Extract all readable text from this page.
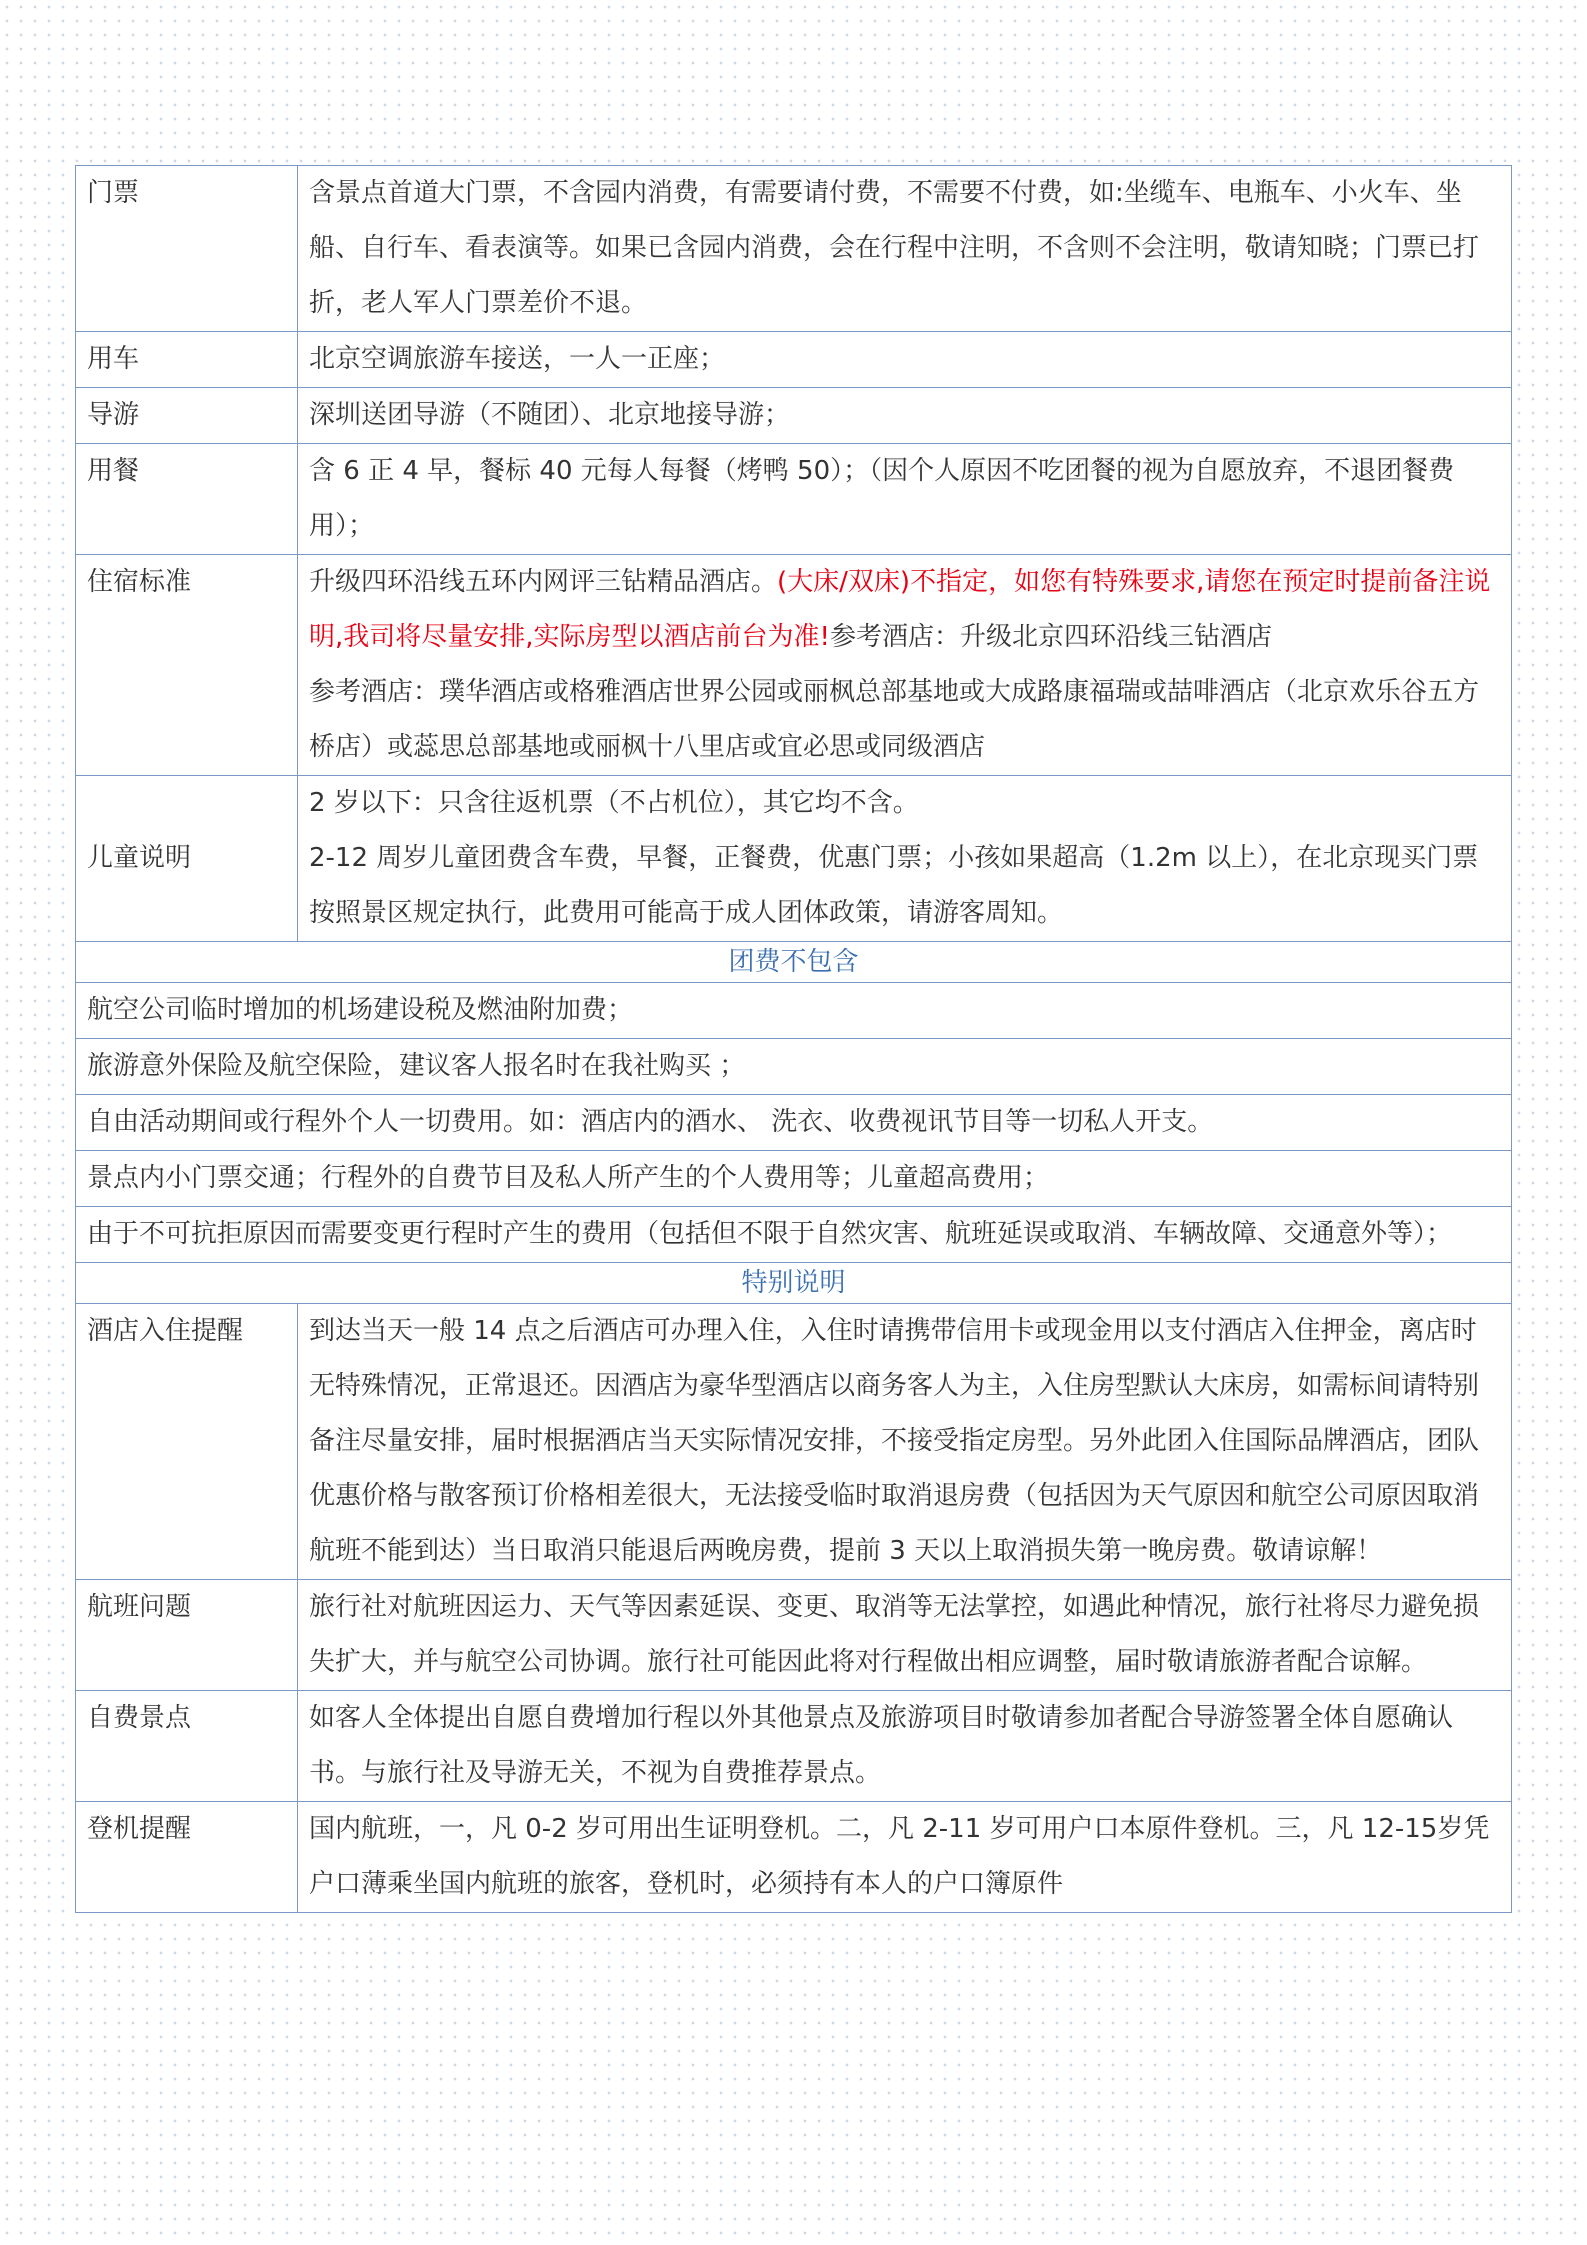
门票	含景点首道大门票，不含园内消费，有需要请付费，不需要不付费，如:坐缆车、电瓶车、小火车、坐船、自行车、看表演等。如果已含园内消费，会在行程中注明，不含则不会注明，敬请知晓；门票已打折，老人军人门票差价不退。
用车	北京空调旅游车接送，一人一正座；
导游	深圳送团导游（不随团）、北京地接导游；
用餐	含 6 正 4 早，餐标 40 元每人每餐（烤鸭 50）；（因个人原因不吃团餐的视为自愿放弃，不退团餐费用）；
住宿标准	升级四环沿线五环内网评三钻精品酒店。(大床/双床)不指定，如您有特殊要求,请您在预定时提前备注说明,我司将尽量安排,实际房型以酒店前台为准!参考酒店：升级北京四环沿线三钻酒店
参考酒店：璞华酒店或格雅酒店世界公园或丽枫总部基地或大成路康福瑞或喆啡酒店（北京欢乐谷五方桥店）或蕊思总部基地或丽枫十八里店或宜必思或同级酒店
儿童说明	2 岁以下：只含往返机票（不占机位），其它均不含。
2-12 周岁儿童团费含车费，早餐，正餐费，优惠门票；小孩如果超高（1.2m 以上），在北京现买门票按照景区规定执行，此费用可能高于成人团体政策，请游客周知。

团费不包含	
航空公司临时增加的机场建设税及燃油附加费；	
旅游意外保险及航空保险，建议客人报名时在我社购买 ；	
自由活动期间或行程外个人一切费用。如：酒店内的酒水、 洗衣、收费视讯节目等一切私人开支。	
景点内小门票交通；行程外的自费节目及私人所产生的个人费用等；儿童超高费用；	
由于不可抗拒原因而需要变更行程时产生的费用（包括但不限于自然灾害、航班延误或取消、车辆故障、交通意外等）；	
特别说明	
酒店入住提醒	到达当天一般 14 点之后酒店可办理入住，入住时请携带信用卡或现金用以支付酒店入住押金，离店时无特殊情况，正常退还。因酒店为豪华型酒店以商务客人为主，入住房型默认大床房，如需标间请特别备注尽量安排，届时根据酒店当天实际情况安排，不接受指定房型。另外此团入住国际品牌酒店，团队优惠价格与散客预订价格相差很大，无法接受临时取消退房费（包括因为天气原因和航空公司原因取消航班不能到达）当日取消只能退后两晚房费，提前 3 天以上取消损失第一晚房费。敬请谅解！
航班问题	旅行社对航班因运力、天气等因素延误、变更、取消等无法掌控，如遇此种情况，旅行社将尽力避免损失扩大，并与航空公司协调。旅行社可能因此将对行程做出相应调整，届时敬请旅游者配合谅解。
自费景点	如客人全体提出自愿自费增加行程以外其他景点及旅游项目时敬请参加者配合导游签署全体自愿确认书。与旅行社及导游无关，不视为自费推荐景点。
登机提醒	国内航班，一，凡 0-2 岁可用出生证明登机。二，凡 2-11 岁可用户口本原件登机。三，凡 12-15岁凭户口薄乘坐国内航班的旅客，登机时，必须持有本人的户口簿原件
